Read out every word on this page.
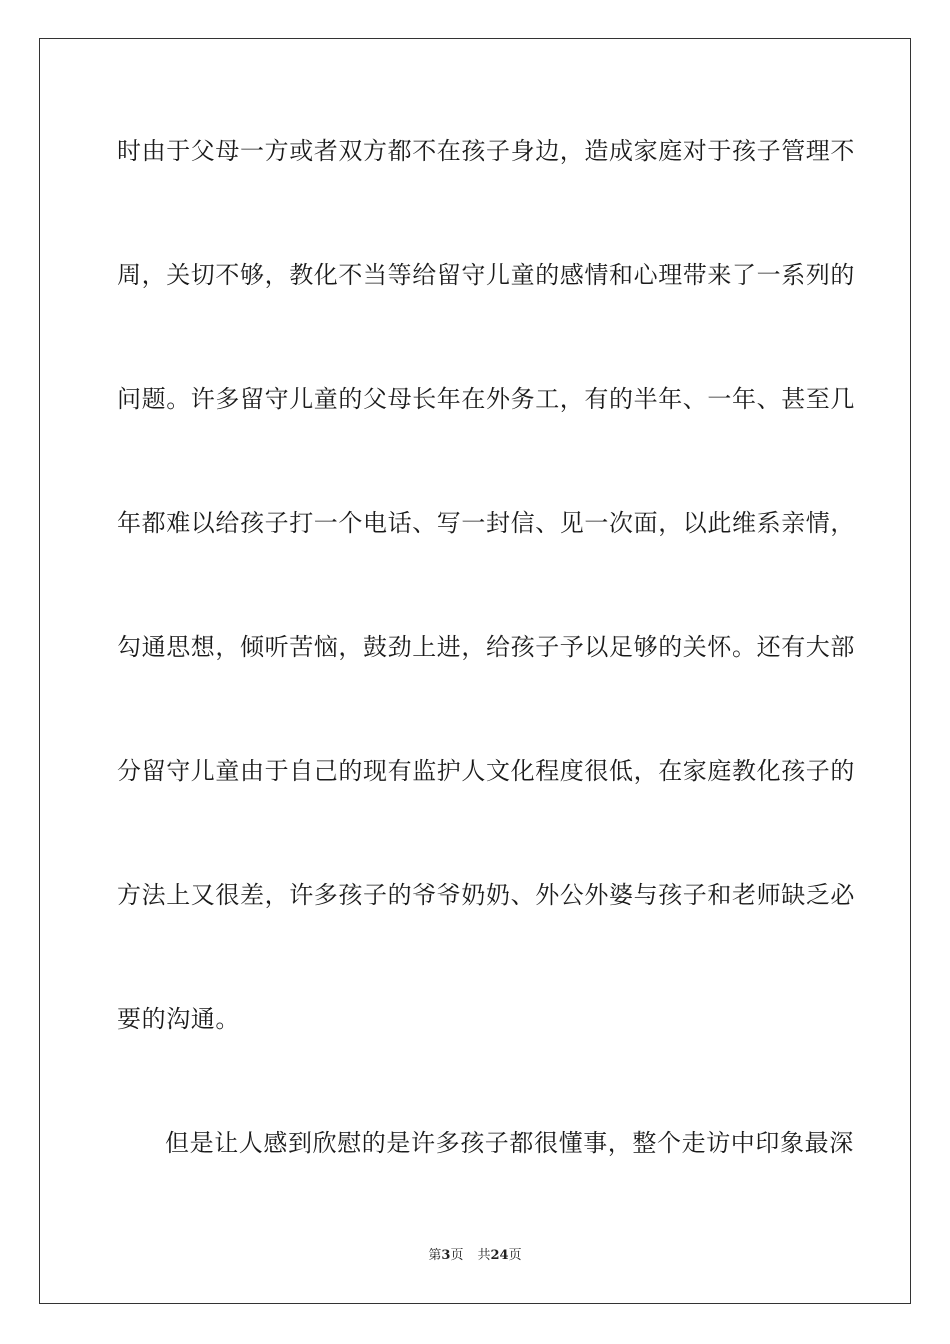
时由于父母一方或者双方都不在孩子身边，造成家庭对于孩子管理不
周，关切不够，教化不当等给留守儿童的感情和心理带来了一系列的
问题。许多留守儿童的父母长年在外务工，有的半年、一年、甚至几
年都难以给孩子打一个电话、写一封信、见一次面，以此维系亲情，
勾通思想，倾听苦恼，鼓劲上进，给孩子予以足够的关怀。还有大部
分留守儿童由于自己的现有监护人文化程度很低，在家庭教化孩子的
方法上又很差，许多孩子的爷爷奶奶、外公外婆与孩子和老师缺乏必
要的沟通。
但是让人感到欣慰的是许多孩子都很懂事，整个走访中印象最深
第3页 共24页
